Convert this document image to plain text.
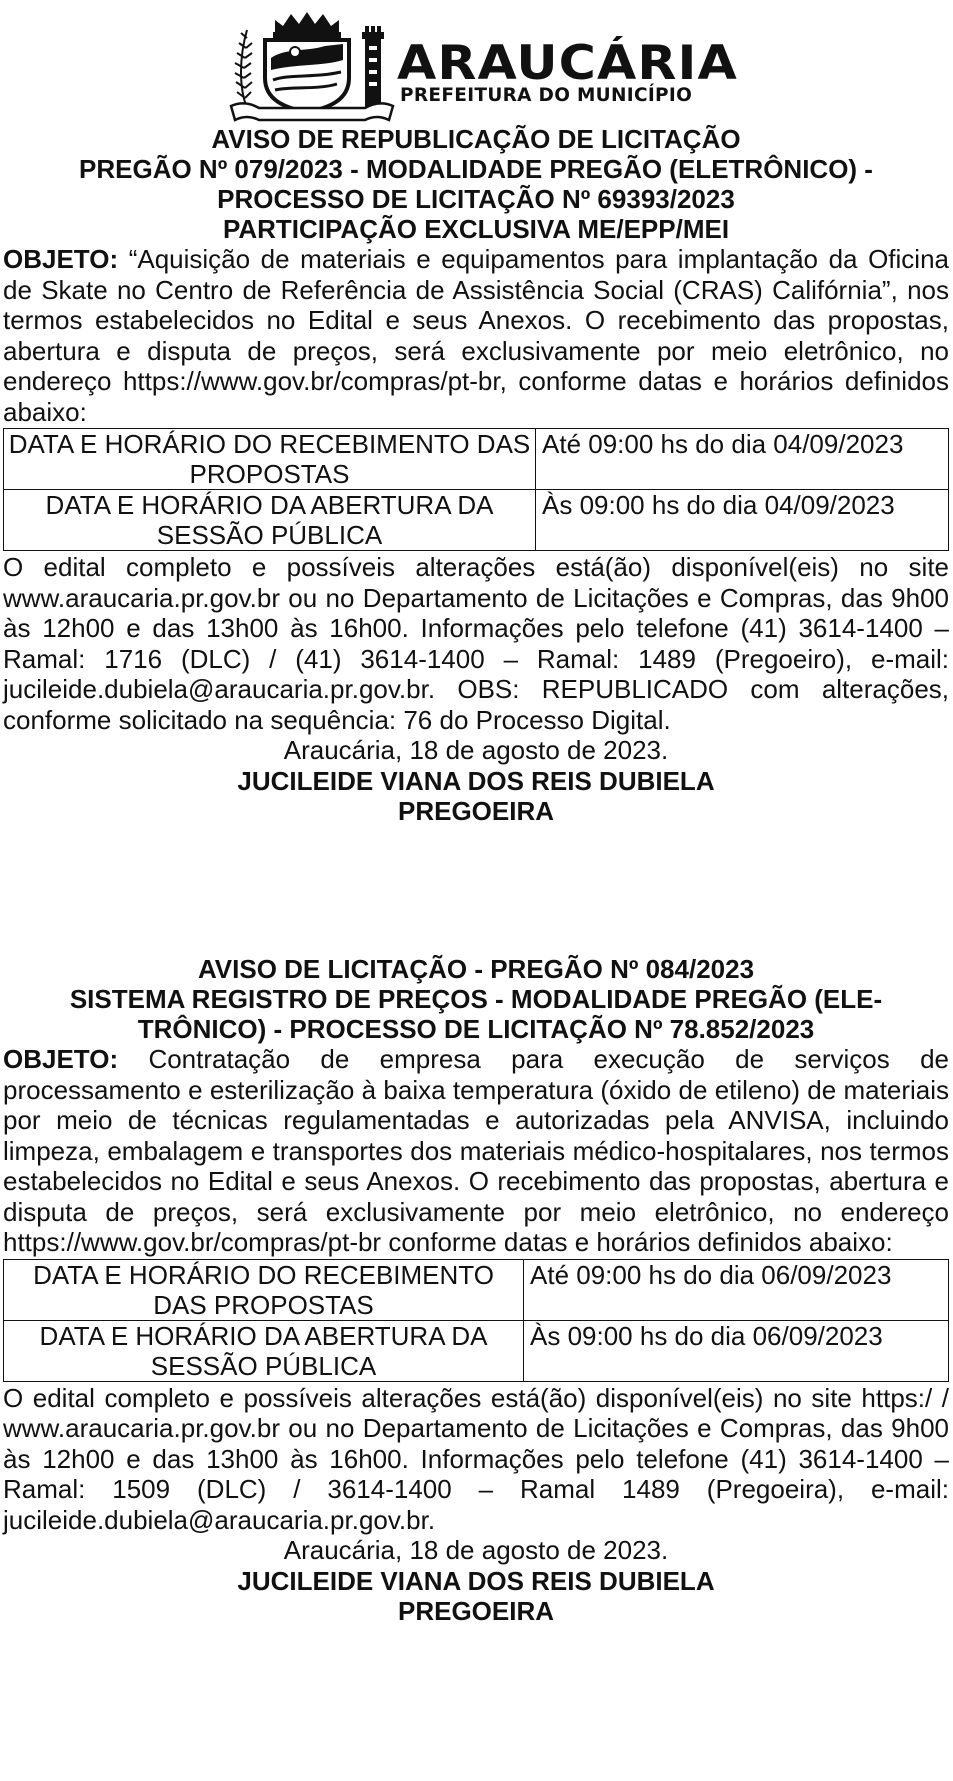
ARAUCÁRIA
PREFEITURA DO MUNICÍPIO

AVISO DE REPUBLICAÇÃO DE LICITAÇÃO

PREGÃO Nº 079/2023 - MODALIDADE PREGÃO (ELETRÔNICO) -

PROCESSO DE LICITAÇÃO Nº 69393/2023

PARTICIPAÇÃO EXCLUSIVA ME/EPP/MEI

OBJETO: “Aquisição de materiais e equipamentos para implantação da Oficina de Skate no Centro de Referência de Assistência Social (CRAS) Califórnia”, nos termos estabelecidos no Edital e seus Anexos. O recebimento das propostas, abertura e disputa de preços, será exclusivamente por meio eletrônico, no endereço https://www.gov.br/compras/pt-br, conforme datas e horários definidos abaixo:

DATA E HORÁRIO DO RECEBIMENTO DAS PROPOSTAS	Até 09:00 hs do dia 04/09/2023
DATA E HORÁRIO DA ABERTURA DA SESSÃO PÚBLICA	Às 09:00 hs do dia 04/09/2023

O edital completo e possíveis alterações está(ão) disponível(eis) no site www.araucaria.pr.gov.br ou no Departamento de Licitações e Compras, das 9h00 às 12h00 e das 13h00 às 16h00. Informações pelo telefone (41) 3614-1400 – Ramal: 1716 (DLC) / (41) 3614-1400 – Ramal: 1489 (Pregoeiro), e-mail: jucileide.dubiela@araucaria.pr.gov.br. OBS: REPUBLICADO com alterações, conforme solicitado na sequência: 76 do Processo Digital.

Araucária, 18 de agosto de 2023.

JUCILEIDE VIANA DOS REIS DUBIELA

PREGOEIRA

AVISO DE LICITAÇÃO - PREGÃO Nº 084/2023

SISTEMA REGISTRO DE PREÇOS - MODALIDADE PREGÃO (ELE-

TRÔNICO) - PROCESSO DE LICITAÇÃO Nº 78.852/2023

OBJETO: Contratação de empresa para execução de serviços de processamento e esterilização à baixa temperatura (óxido de etileno) de materiais por meio de técnicas regulamentadas e autorizadas pela ANVISA, incluindo limpeza, embalagem e transportes dos materiais médico-hospitalares, nos termos estabelecidos no Edital e seus Anexos. O recebimento das propostas, abertura e disputa de preços, será exclusivamente por meio eletrônico, no endereço https://www.gov.br/compras/pt-br conforme datas e horários definidos abaixo:

DATA E HORÁRIO DO RECEBIMENTO DAS PROPOSTAS	Até 09:00 hs do dia 06/09/2023
DATA E HORÁRIO DA ABERTURA DA SESSÃO PÚBLICA	Às 09:00 hs do dia 06/09/2023

O edital completo e possíveis alterações está(ão) disponível(eis) no site https:/ / www.araucaria.pr.gov.br ou no Departamento de Licitações e Compras, das 9h00 às 12h00 e das 13h00 às 16h00. Informações pelo telefone (41) 3614-1400 – Ramal: 1509 (DLC) / 3614-1400 – Ramal 1489 (Pregoeira), e-mail: jucileide.dubiela@araucaria.pr.gov.br.

Araucária, 18 de agosto de 2023.

JUCILEIDE VIANA DOS REIS DUBIELA

PREGOEIRA
